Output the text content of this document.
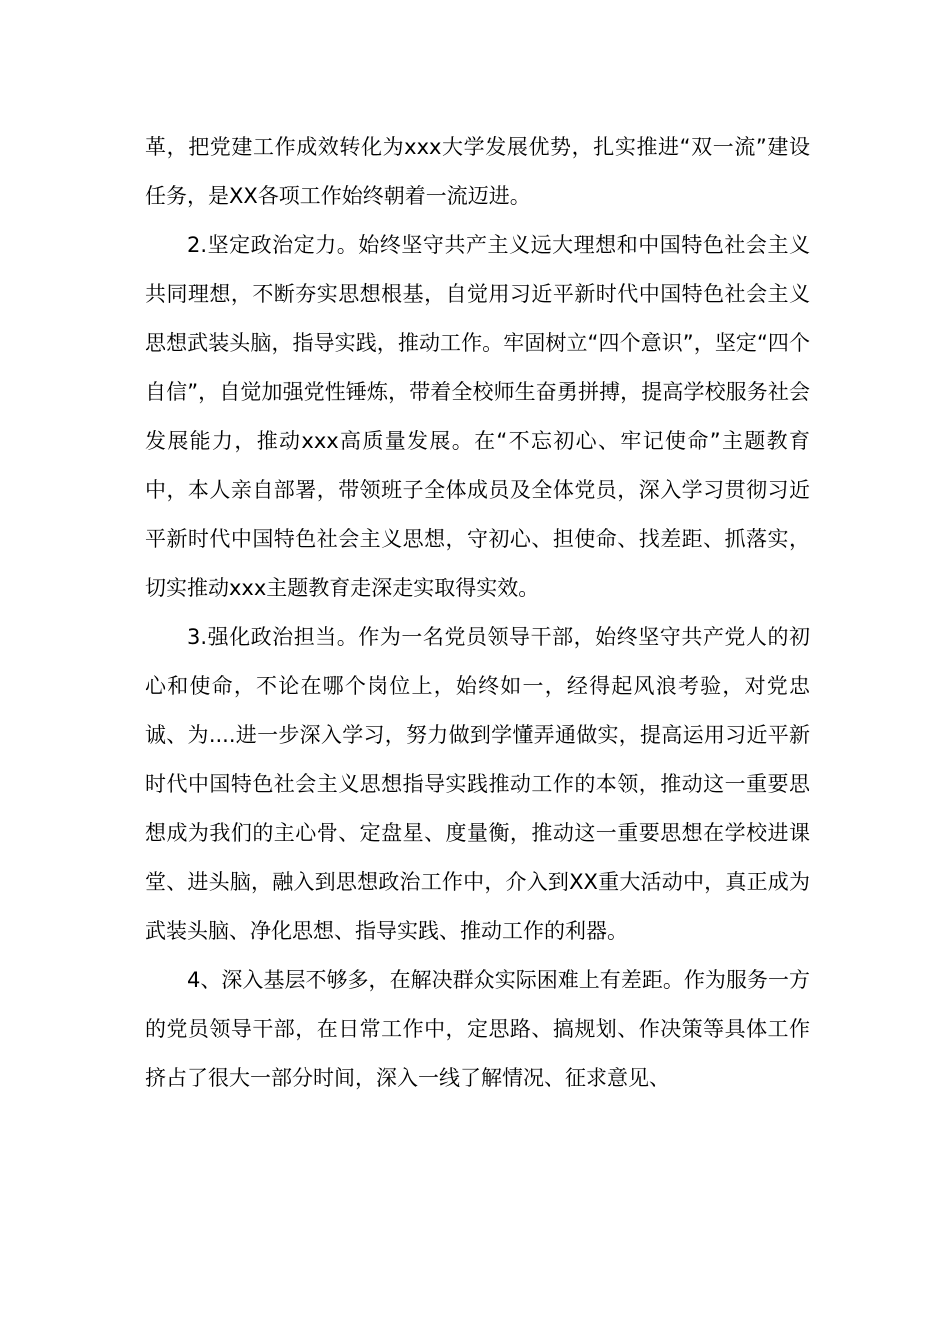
革，把党建工作成效转化为xxx大学发展优势，扎实推进“双一流”建设任务，是XX各项工作始终朝着一流迈进。

2.坚定政治定力。始终坚守共产主义远大理想和中国特色社会主义共同理想，不断夯实思想根基，自觉用习近平新时代中国特色社会主义思想武装头脑，指导实践，推动工作。牢固树立“四个意识”，坚定“四个自信”，自觉加强党性锤炼，带着全校师生奋勇拼搏，提高学校服务社会发展能力，推动xxx高质量发展。在“不忘初心、牢记使命”主题教育中，本人亲自部署，带领班子全体成员及全体党员，深入学习贯彻习近平新时代中国特色社会主义思想，守初心、担使命、找差距、抓落实，切实推动xxx主题教育走深走实取得实效。

3.强化政治担当。作为一名党员领导干部，始终坚守共产党人的初心和使命，不论在哪个岗位上，始终如一，经得起风浪考验，对党忠诚、为....进一步深入学习，努力做到学懂弄通做实，提高运用习近平新时代中国特色社会主义思想指导实践推动工作的本领，推动这一重要思想成为我们的主心骨、定盘星、度量衡，推动这一重要思想在学校进课堂、进头脑，融入到思想政治工作中，介入到XX重大活动中，真正成为武装头脑、净化思想、指导实践、推动工作的利器。

4、深入基层不够多，在解决群众实际困难上有差距。作为服务一方的党员领导干部，在日常工作中，定思路、搞规划、作决策等具体工作挤占了很大一部分时间，深入一线了解情况、征求意见、
